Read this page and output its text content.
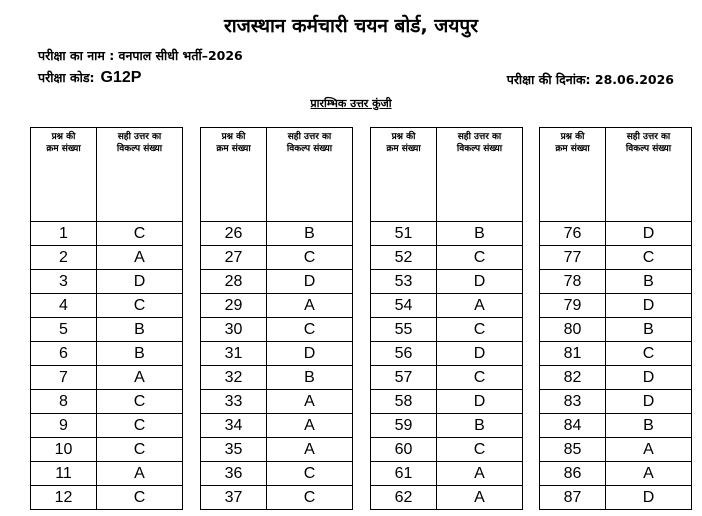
राजस्थान कर्मचारी चयन बोर्ड, जयपुर
परीक्षा का नाम : वनपाल सीधी भर्ती–2026
परीक्षा कोड: G12P	परीक्षा की दिनांक: 28.06.2026
प्रारम्भिक उत्तर कुंजी
प्रश्न की
क्रम संख्या	सही उत्तर का
विकल्प संख्या
1	C
2	A
3	D
4	C
5	B
6	B
7	A
8	C
9	C
10	C
11	A
12	C
प्रश्न की
क्रम संख्या	सही उत्तर का
विकल्प संख्या
26	B
27	C
28	D
29	A
30	C
31	D
32	B
33	A
34	A
35	A
36	C
37	C
प्रश्न की
क्रम संख्या	सही उत्तर का
विकल्प संख्या
51	B
52	C
53	D
54	A
55	C
56	D
57	C
58	D
59	B
60	C
61	A
62	A
प्रश्न की
क्रम संख्या	सही उत्तर का
विकल्प संख्या
76	D
77	C
78	B
79	D
80	B
81	C
82	D
83	D
84	B
85	A
86	A
87	D
